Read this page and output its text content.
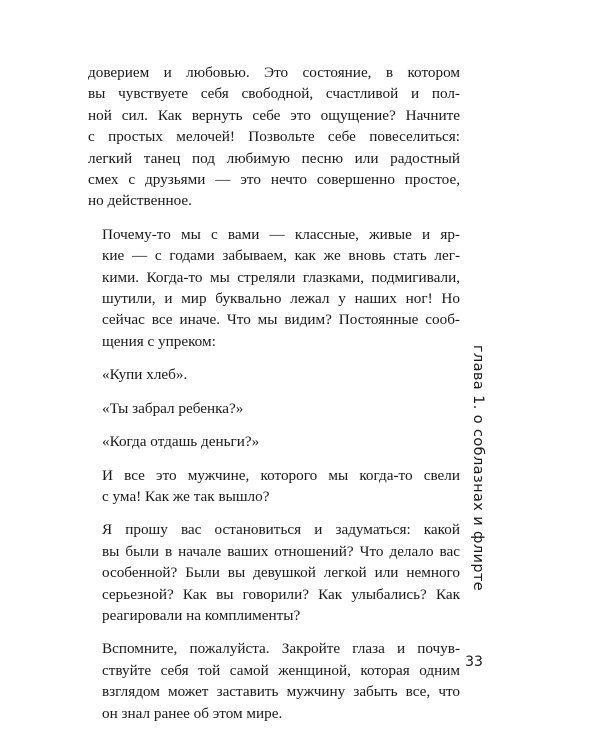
доверием и любовью. Это состояние, в котором
вы чувствуете себя свободной, счастливой и пол-
ной сил. Как вернуть себе это ощущение? Начните
с простых мелочей! Позвольте себе повеселиться:
легкий танец под любимую песню или радостный
смех с друзьями — это нечто совершенно простое,
но действенное.

Почему-то мы с вами — классные, живые и яр-
кие — с годами забываем, как же вновь стать лег-
кими. Когда-то мы стреляли глазками, подмигивали,
шутили, и мир буквально лежал у наших ног! Но
сейчас все иначе. Что мы видим? Постоянные сооб-
щения с упреком:

«Купи хлеб».

«Ты забрал ребенка?»

«Когда отдашь деньги?»

И все это мужчине, которого мы когда-то свели
с ума! Как же так вышло?

Я прошу вас остановиться и задуматься: какой
вы были в начале ваших отношений? Что делало вас
особенной? Были вы девушкой легкой или немного
серьезной? Как вы говорили? Как улыбались? Как
реагировали на комплименты?

Вспомните, пожалуйста. Закройте глаза и почув-
ствуйте себя той самой женщиной, которая одним
взглядом может заставить мужчину забыть все, что
он знал ранее об этом мире.

глава 1. о соблазнах и флирте
33
